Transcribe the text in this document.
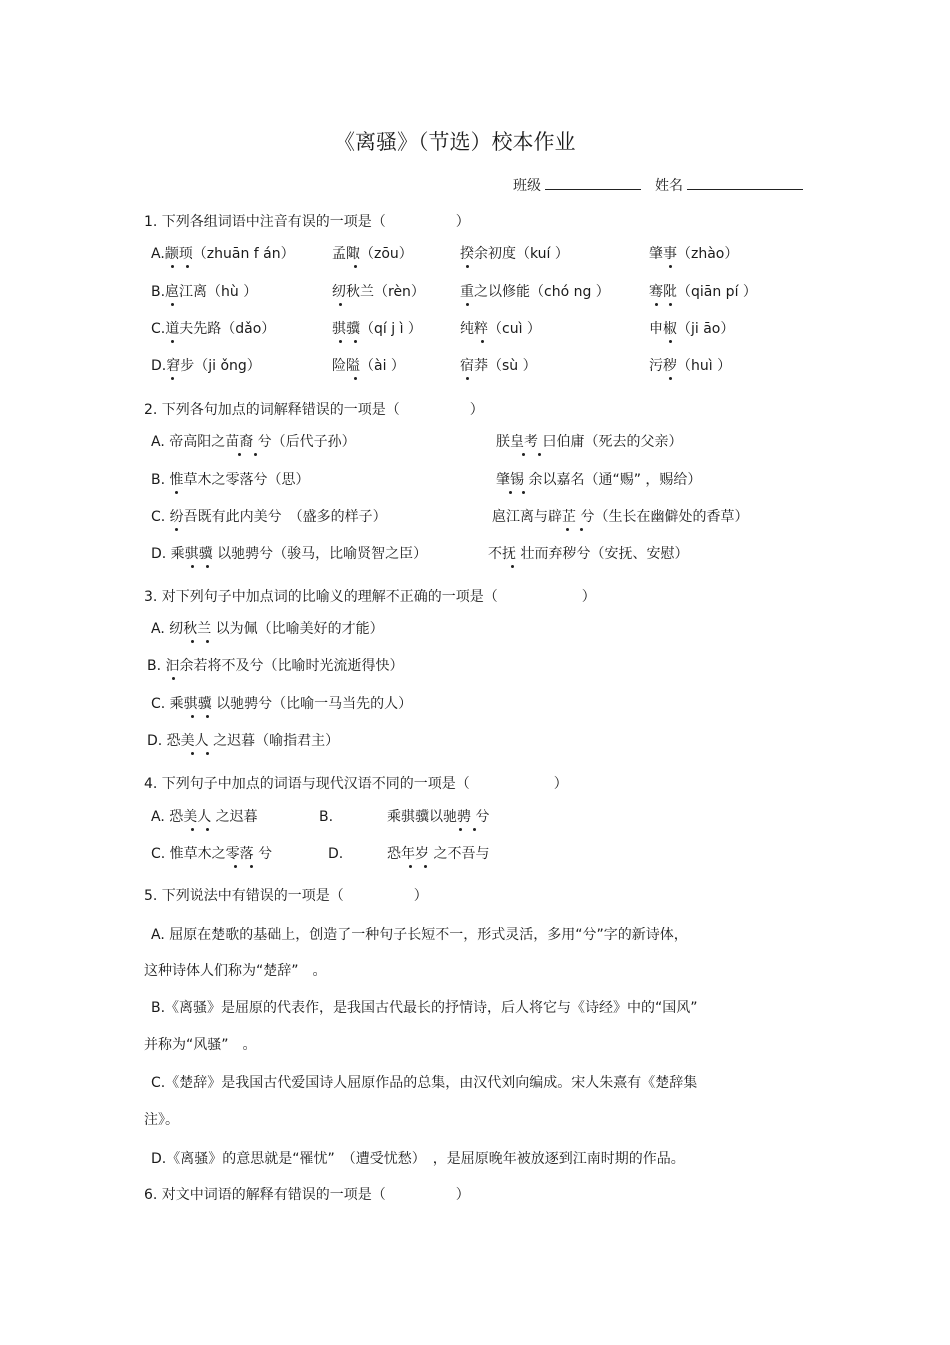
《离骚》（节选）校本作业
班级	姓名
1. 下列各组词语中注音有误的一项是（　　　　　）
A.颛顼（zhuān f án）	孟陬（zōu）	揆余初度（kuí ）	肇事（zhào）
B.扈江离（hù ）	纫秋兰（rèn）	重之以修能（chó ng ）	骞阰（qiān pí ）
C.道夫先路（dǎo）	骐骥（qí j ì ）	纯粹（cuì ）	申椒（ji āo）
D.窘步（ji ǒng）	险隘（ài ）	宿莽（sù ）	污秽（huì ）
2. 下列各句加点的词解释错误的一项是（　　　　　）
A. 帝高阳之苗裔 兮（后代子孙）	朕皇考 曰伯庸（死去的父亲）
B. 惟草木之零落兮（思）	肇锡 余以嘉名（通“赐” ，赐给）
C. 纷吾既有此内美兮　（盛多的样子）	扈江离与辟芷 兮（生长在幽僻处的香草）
D. 乘骐骥 以驰骋兮（骏马，比喻贤智之臣）	不抚 壮而弃秽兮（安抚、安慰）
3. 对下列句子中加点词的比喻义的理解不正确的一项是（　　　　　　）
A. 纫秋兰 以为佩（比喻美好的才能）
B. 汩余若将不及兮（比喻时光流逝得快）
C. 乘骐骥 以驰骋兮（比喻一马当先的人）
D. 恐美人 之迟暮（喻指君主）
4. 下列句子中加点的词语与现代汉语不同的一项是（　　　　　　）
A. 恐美人 之迟暮	B.	乘骐骥以驰骋 兮
C. 惟草木之零落 兮	D.	恐年岁 之不吾与
5. 下列说法中有错误的一项是（　　　　　）
A. 屈原在楚歌的基础上，创造了一种句子长短不一，形式灵活，多用“兮”字的新诗体，
这种诗体人们称为“楚辞”　。
B.《离骚》是屈原的代表作，是我国古代最长的抒情诗，后人将它与《诗经》中的“国风”
并称为“风骚”　。
C.《楚辞》是我国古代爱国诗人屈原作品的总集，由汉代刘向编成。宋人朱熹有《楚辞集
注》。
D.《离骚》的意思就是“罹忧”　（遭受忧愁）　，是屈原晚年被放逐到江南时期的作品。
6. 对文中词语的解释有错误的一项是（　　　　　）
